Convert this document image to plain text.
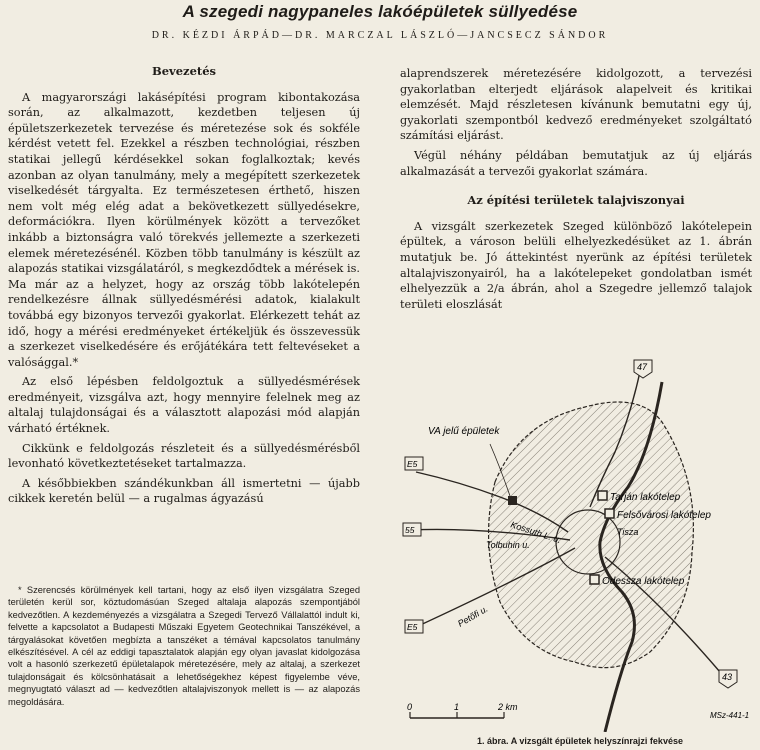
A szegedi nagypaneles lakóépületek süllyedése
DR. KÉZDI ÁRPÁD—DR. MARCZAL LÁSZLÓ—JANCSECZ SÁNDOR
Bevezetés

A magyarországi lakásépítési program kibontakozása során, az alkalmazott, kezdetben teljesen új épületszerkezetek tervezése és méretezése sok és sokféle kérdést vetett fel. Ezekkel a részben technológiai, részben statikai jellegű kérdésekkel sokan foglalkoztak; kevés azonban az olyan tanulmány, mely a megépített szerkezetek viselkedését tárgyalta. Ez természetesen érthető, hiszen nem volt még elég adat a bekövetkezett süllyedésekre, deformációkra. Ilyen körülmények között a tervezőket inkább a biztonságra való törekvés jellemezte a szerkezeti elemek méretezésénél. Közben több tanulmány is készült az alapozás statikai vizsgálatáról, s megkezdődtek a mérések is. Ma már az a helyzet, hogy az ország több lakótelepén rendelkezésre állnak süllyedésmérési adatok, kialakult továbbá egy bizonyos tervezői gyakorlat. Elérkezett tehát az idő, hogy a mérési eredményeket értékeljük és összevessük a szerkezet viselkedésére és erőjátékára tett feltevéseket a valósággal.*

Az első lépésben feldolgoztuk a süllyedésmérések eredményeit, vizsgálva azt, hogy mennyire felelnek meg az altalaj tulajdonságai és a választott alapozási mód alapján várható értéknek.

Cikkünk e feldolgozás részleteit és a süllyedésmérésből levonható következtetéseket tartalmazza.

A későbbiekben szándékunkban áll ismertetni — újabb cikkek keretén belül — a rugalmas ágyazású

* Szerencsés körülmények kell tartani, hogy az első ilyen vizsgálatra Szeged területén kerül sor, köztudomásúan Szeged altalaja alapozás szempontjából kedvezőtlen. A kezdeményezés a vizsgálatra a Szegedi Tervező Vállalattól indult ki, felvette a kapcsolatot a Budapesti Műszaki Egyetem Geotechnikai Tanszékével, a tárgyalásokat követően megbízta a tanszéket a témával kapcsolatos tanulmány elkészítésével. A cél az eddigi tapasztalatok alapján egy olyan javaslat kidolgozása volt a hasonló szerkezetű épületalapok méretezésére, mely az altalaj, a szerkezet tulajdonságait és kölcsönhatásait a lehetőségekhez képest figyelembe véve, megnyugtató választ ad — kedvezőtlen altalajviszonyok mellett is — az alapozás megoldására.

alaprendszerek méretezésére kidolgozott, a tervezési gyakorlatban elterjedt eljárások alapelveit és kritikai elemzését. Majd részletesen kívánunk bemutatni egy új, gyakorlati szempontból kedvező eredményeket szolgáltató számítási eljárást.

Végül néhány példában bemutatjuk az új eljárás alkalmazását a tervezői gyakorlat számára.

Az építési területek talajviszonyai

A vizsgált szerkezetek Szeged különböző lakótelepein épültek, a városon belüli elhelyezkedésüket az 1. ábrán mutatjuk be. Jó áttekintést nyerünk az építési területek altalajviszonyairól, ha a lakótelepeket gondolatban ismét elhelyezzük a 2/a ábrán, ahol a Szegedre jellemző talajok területi eloszlását

VA jelű épületek
Tarján lakótelep
Felsővárosi lakótelep
Odessza lakótelep
Kossuth L. u.
Tolbuhin u.
Petőfi u.
Tisza
47
E5
55
E5
43
0	1	2 km
MSz-441-1
1. ábra. A vizsgált épületek helyszínrajzi fekvése
